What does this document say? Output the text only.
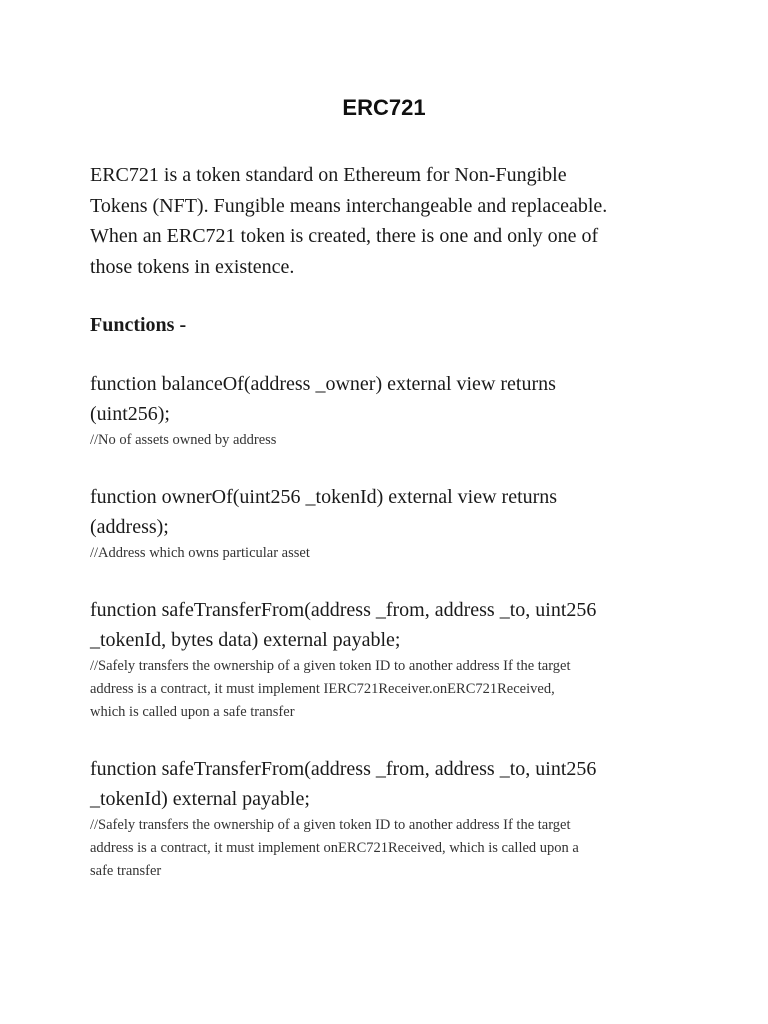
ERC721
ERC721 is a token standard on Ethereum for Non-Fungible
Tokens (NFT). Fungible means interchangeable and replaceable.
When an ERC721 token is created, there is one and only one of
those tokens in existence.
Functions -
function balanceOf(address _owner) external view returns
(uint256);
//No of assets owned by address
function ownerOf(uint256 _tokenId) external view returns
(address);
//Address which owns particular asset
function safeTransferFrom(address _from, address _to, uint256
_tokenId, bytes data) external payable;
//Safely transfers the ownership of a given token ID to another address If the target
address is a contract, it must implement IERC721Receiver.onERC721Received,
which is called upon a safe transfer
function safeTransferFrom(address _from, address _to, uint256
_tokenId) external payable;
//Safely transfers the ownership of a given token ID to another address If the target
address is a contract, it must implement onERC721Received, which is called upon a
safe transfer
